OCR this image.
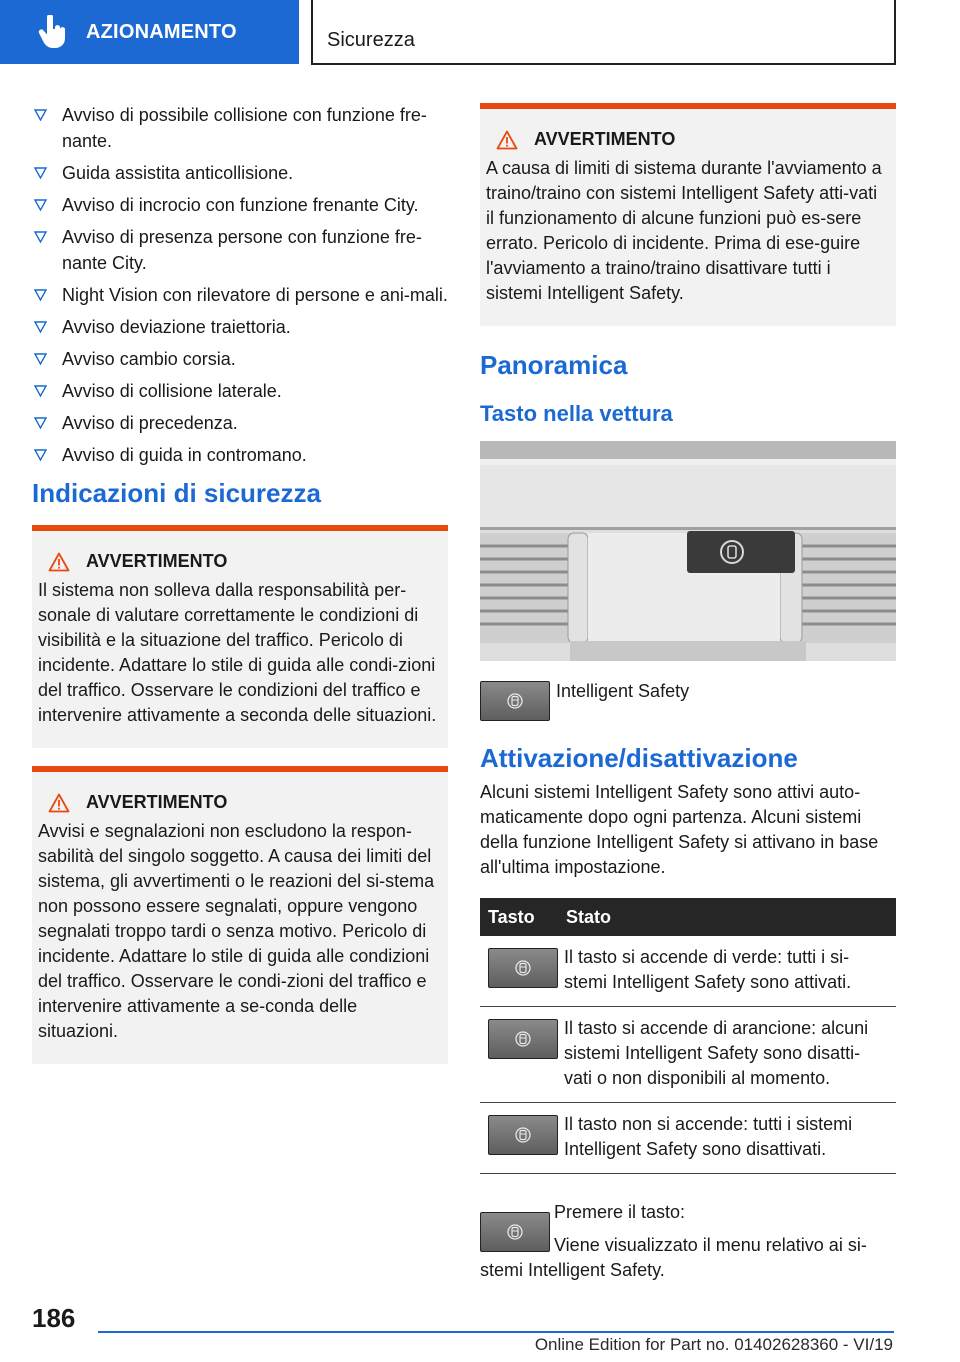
AZIONAMENTO	Sicurezza
Avviso di possibile collisione con funzione fre-nante.
Guida assistita anticollisione.
Avviso di incrocio con funzione frenante City.
Avviso di presenza persone con funzione fre-nante City.
Night Vision con rilevatore di persone e ani-mali.
Avviso deviazione traiettoria.
Avviso cambio corsia.
Avviso di collisione laterale.
Avviso di precedenza.
Avviso di guida in contromano.
Indicazioni di sicurezza
AVVERTIMENTO

Il sistema non solleva dalla responsabilità per-sonale di valutare correttamente le condizioni di visibilità e la situazione del traffico. Pericolo di incidente. Adattare lo stile di guida alle condi-zioni del traffico. Osservare le condizioni del traffico e intervenire attivamente a seconda delle situazioni.

AVVERTIMENTO

Avvisi e segnalazioni non escludono la respon-sabilità del singolo soggetto. A causa dei limiti del sistema, gli avvertimenti o le reazioni del si-stema non possono essere segnalati, oppure vengono segnalati troppo tardi o senza motivo. Pericolo di incidente. Adattare lo stile di guida alle condizioni del traffico. Osservare le condi-zioni del traffico e intervenire attivamente a se-conda delle situazioni.

AVVERTIMENTO

A causa di limiti di sistema durante l'avviamento a traino/traino con sistemi Intelligent Safety atti-vati il funzionamento di alcune funzioni può es-sere errato. Pericolo di incidente. Prima di ese-guire l'avviamento a traino/traino disattivare tutti i sistemi Intelligent Safety.

Panoramica
Tasto nella vettura
Intelligent Safety
Attivazione/disattivazione

Alcuni sistemi Intelligent Safety sono attivi auto-maticamente dopo ogni partenza. Alcuni sistemi della funzione Intelligent Safety si attivano in base all'ultima impostazione.

Tasto	Stato

	Il tasto si accende di verde: tutti i si-stemi Intelligent Safety sono attivati.

	Il tasto si accende di arancione: alcuni sistemi Intelligent Safety sono disatti-vati o non disponibili al momento.

	Il tasto non si accende: tutti i sistemi Intelligent Safety sono disattivati.

Premere il tasto:

Viene visualizzato il menu relativo ai si-

stemi Intelligent Safety.

186
Online Edition for Part no. 01402628360 - VI/19
